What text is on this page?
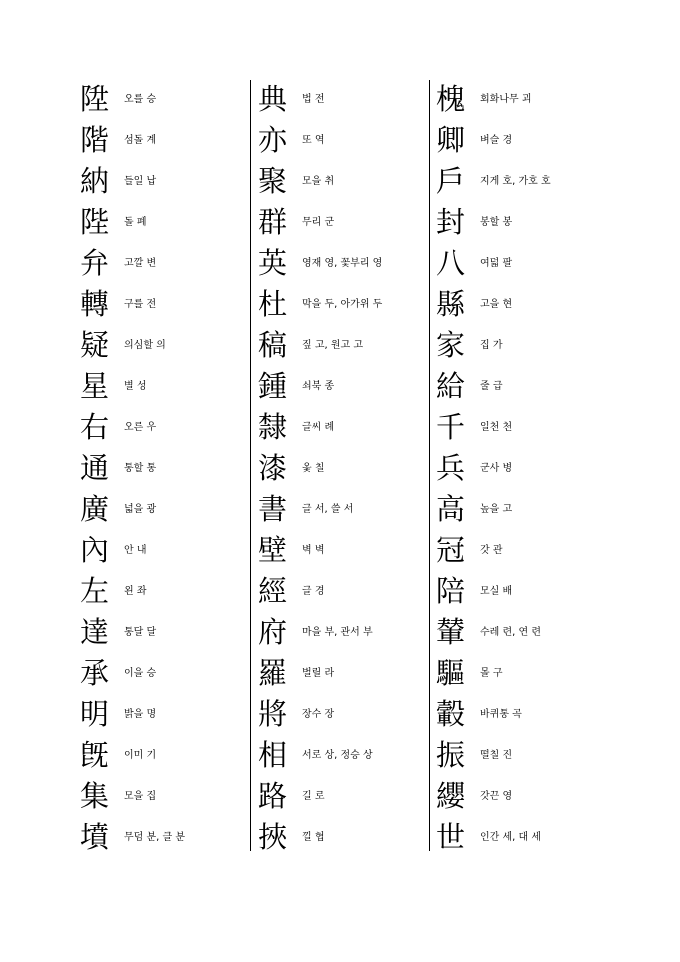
陞	오를 승
階	섬돌 계
納	들일 납
陛	돌 폐
弁	고깔 변
轉	구를 전
疑	의심할 의
星	별 성
右	오른 우
通	통할 통
廣	넓을 광
內	안 내
左	왼 좌
達	통달 달
承	이을 승
明	밝을 명
旣	이미 기
集	모을 집
墳	무덤 분, 클 분
典	법 전
亦	또 역
聚	모을 취
群	무리 군
英	영재 영, 꽃부리 영
杜	막을 두, 아가위 두
稿	짚 고, 원고 고
鍾	쇠북 종
隸	글씨 례
漆	옻 칠
書	글 서, 쓸 서
壁	벽 벽
經	글 경
府	마을 부, 관서 부
羅	벌릴 라
將	장수 장
相	서로 상, 정승 상
路	길 로
挾	낄 협
槐	회화나무 괴
卿	벼슬 경
戶	지게 호, 가호 호
封	봉할 봉
八	여덟 팔
縣	고을 현
家	집 가
給	줄 급
千	일천 천
兵	군사 병
高	높을 고
冠	갓 관
陪	모실 배
輦	수레 련, 연 련
驅	몰 구
轂	바퀴통 곡
振	떨칠 진
纓	갓끈 영
世	인간 세, 대 세
